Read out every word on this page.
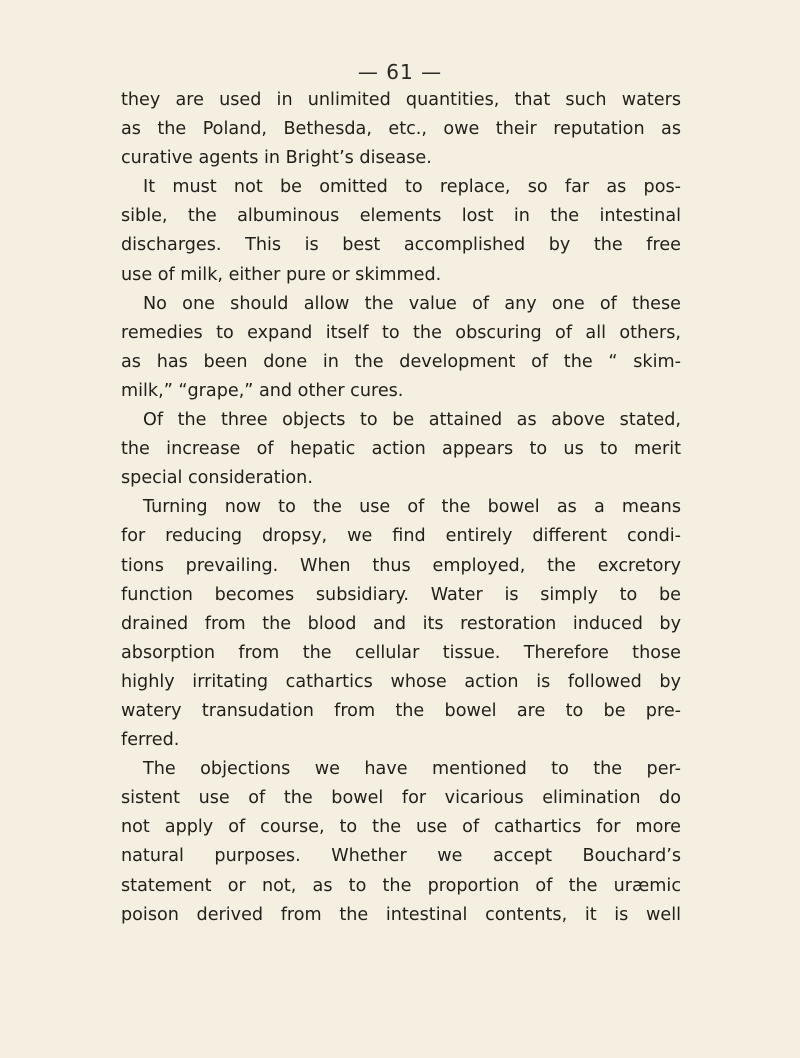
— 61 —
they are used in unlimited quantities, that such waters
as the Poland, Bethesda, etc., owe their reputation as
curative agents in Bright’s disease.
It must not be omitted to replace, so far as pos-
sible, the albuminous elements lost in the intestinal
discharges. This is best accomplished by the free
use of milk, either pure or skimmed.
No one should allow the value of any one of these
remedies to expand itself to the obscuring of all others,
as has been done in the development of the “ skim-
milk,” “grape,” and other cures.
Of the three objects to be attained as above stated,
the increase of hepatic action appears to us to merit
special consideration.
Turning now to the use of the bowel as a means
for reducing dropsy, we find entirely different condi-
tions prevailing. When thus employed, the excretory
function becomes subsidiary. Water is simply to be
drained from the blood and its restoration induced by
absorption from the cellular tissue. Therefore those
highly irritating cathartics whose action is followed by
watery transudation from the bowel are to be pre-
ferred.
The objections we have mentioned to the per-
sistent use of the bowel for vicarious elimination do
not apply of course, to the use of cathartics for more
natural purposes. Whether we accept Bouchard’s
statement or not, as to the proportion of the uræmic
poison derived from the intestinal contents, it is well
